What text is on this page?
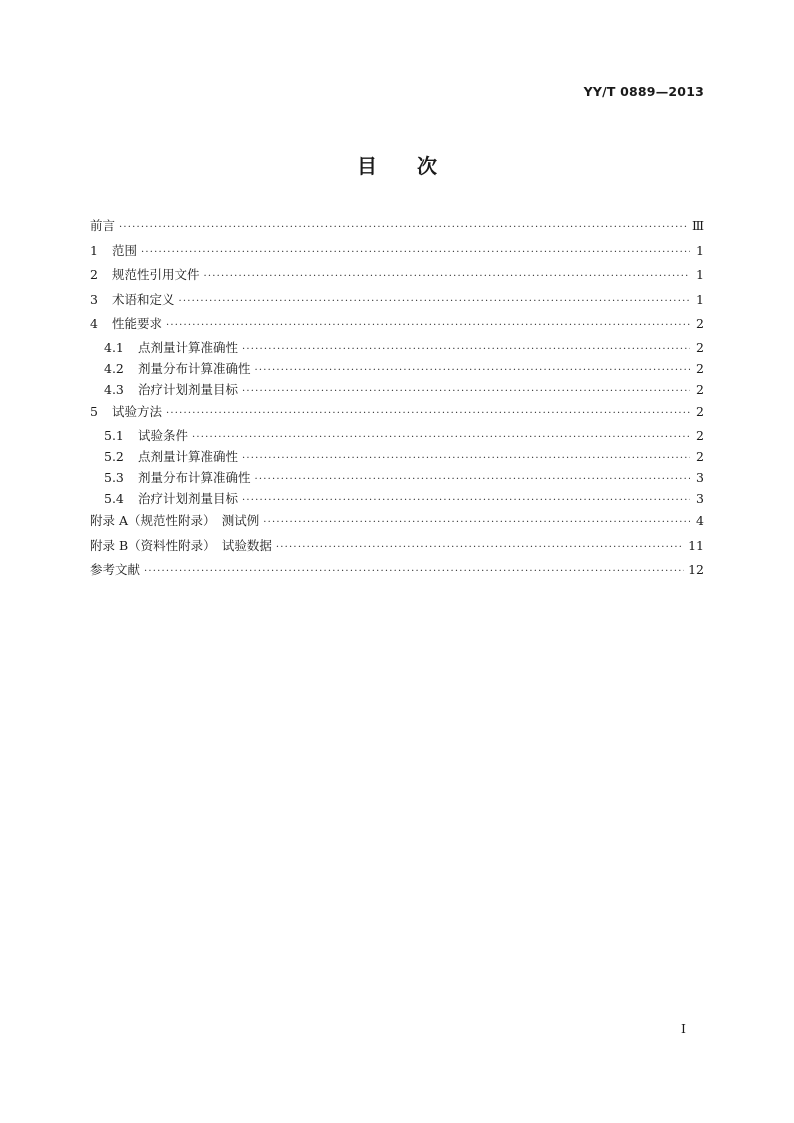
YY/T 0889—2013
目　　次
前言 ·····	Ⅲ
1	范围 ·····	1
2	规范性引用文件 ·····	1
3	术语和定义 ·····	1
4	性能要求 ·····	2
4.1	点剂量计算准确性 ·····	2
4.2	剂量分布计算准确性 ·····	2
4.3	治疗计划剂量目标 ·····	2
5	试验方法 ·····	2
5.1	试验条件 ·····	2
5.2	点剂量计算准确性 ·····	2
5.3	剂量分布计算准确性 ·····	3
5.4	治疗计划剂量目标 ·····	3
附录 A（规范性附录）　测试例 ·····	4
附录 B（资料性附录）　试验数据 ·····	11
参考文献 ·····	12
I
